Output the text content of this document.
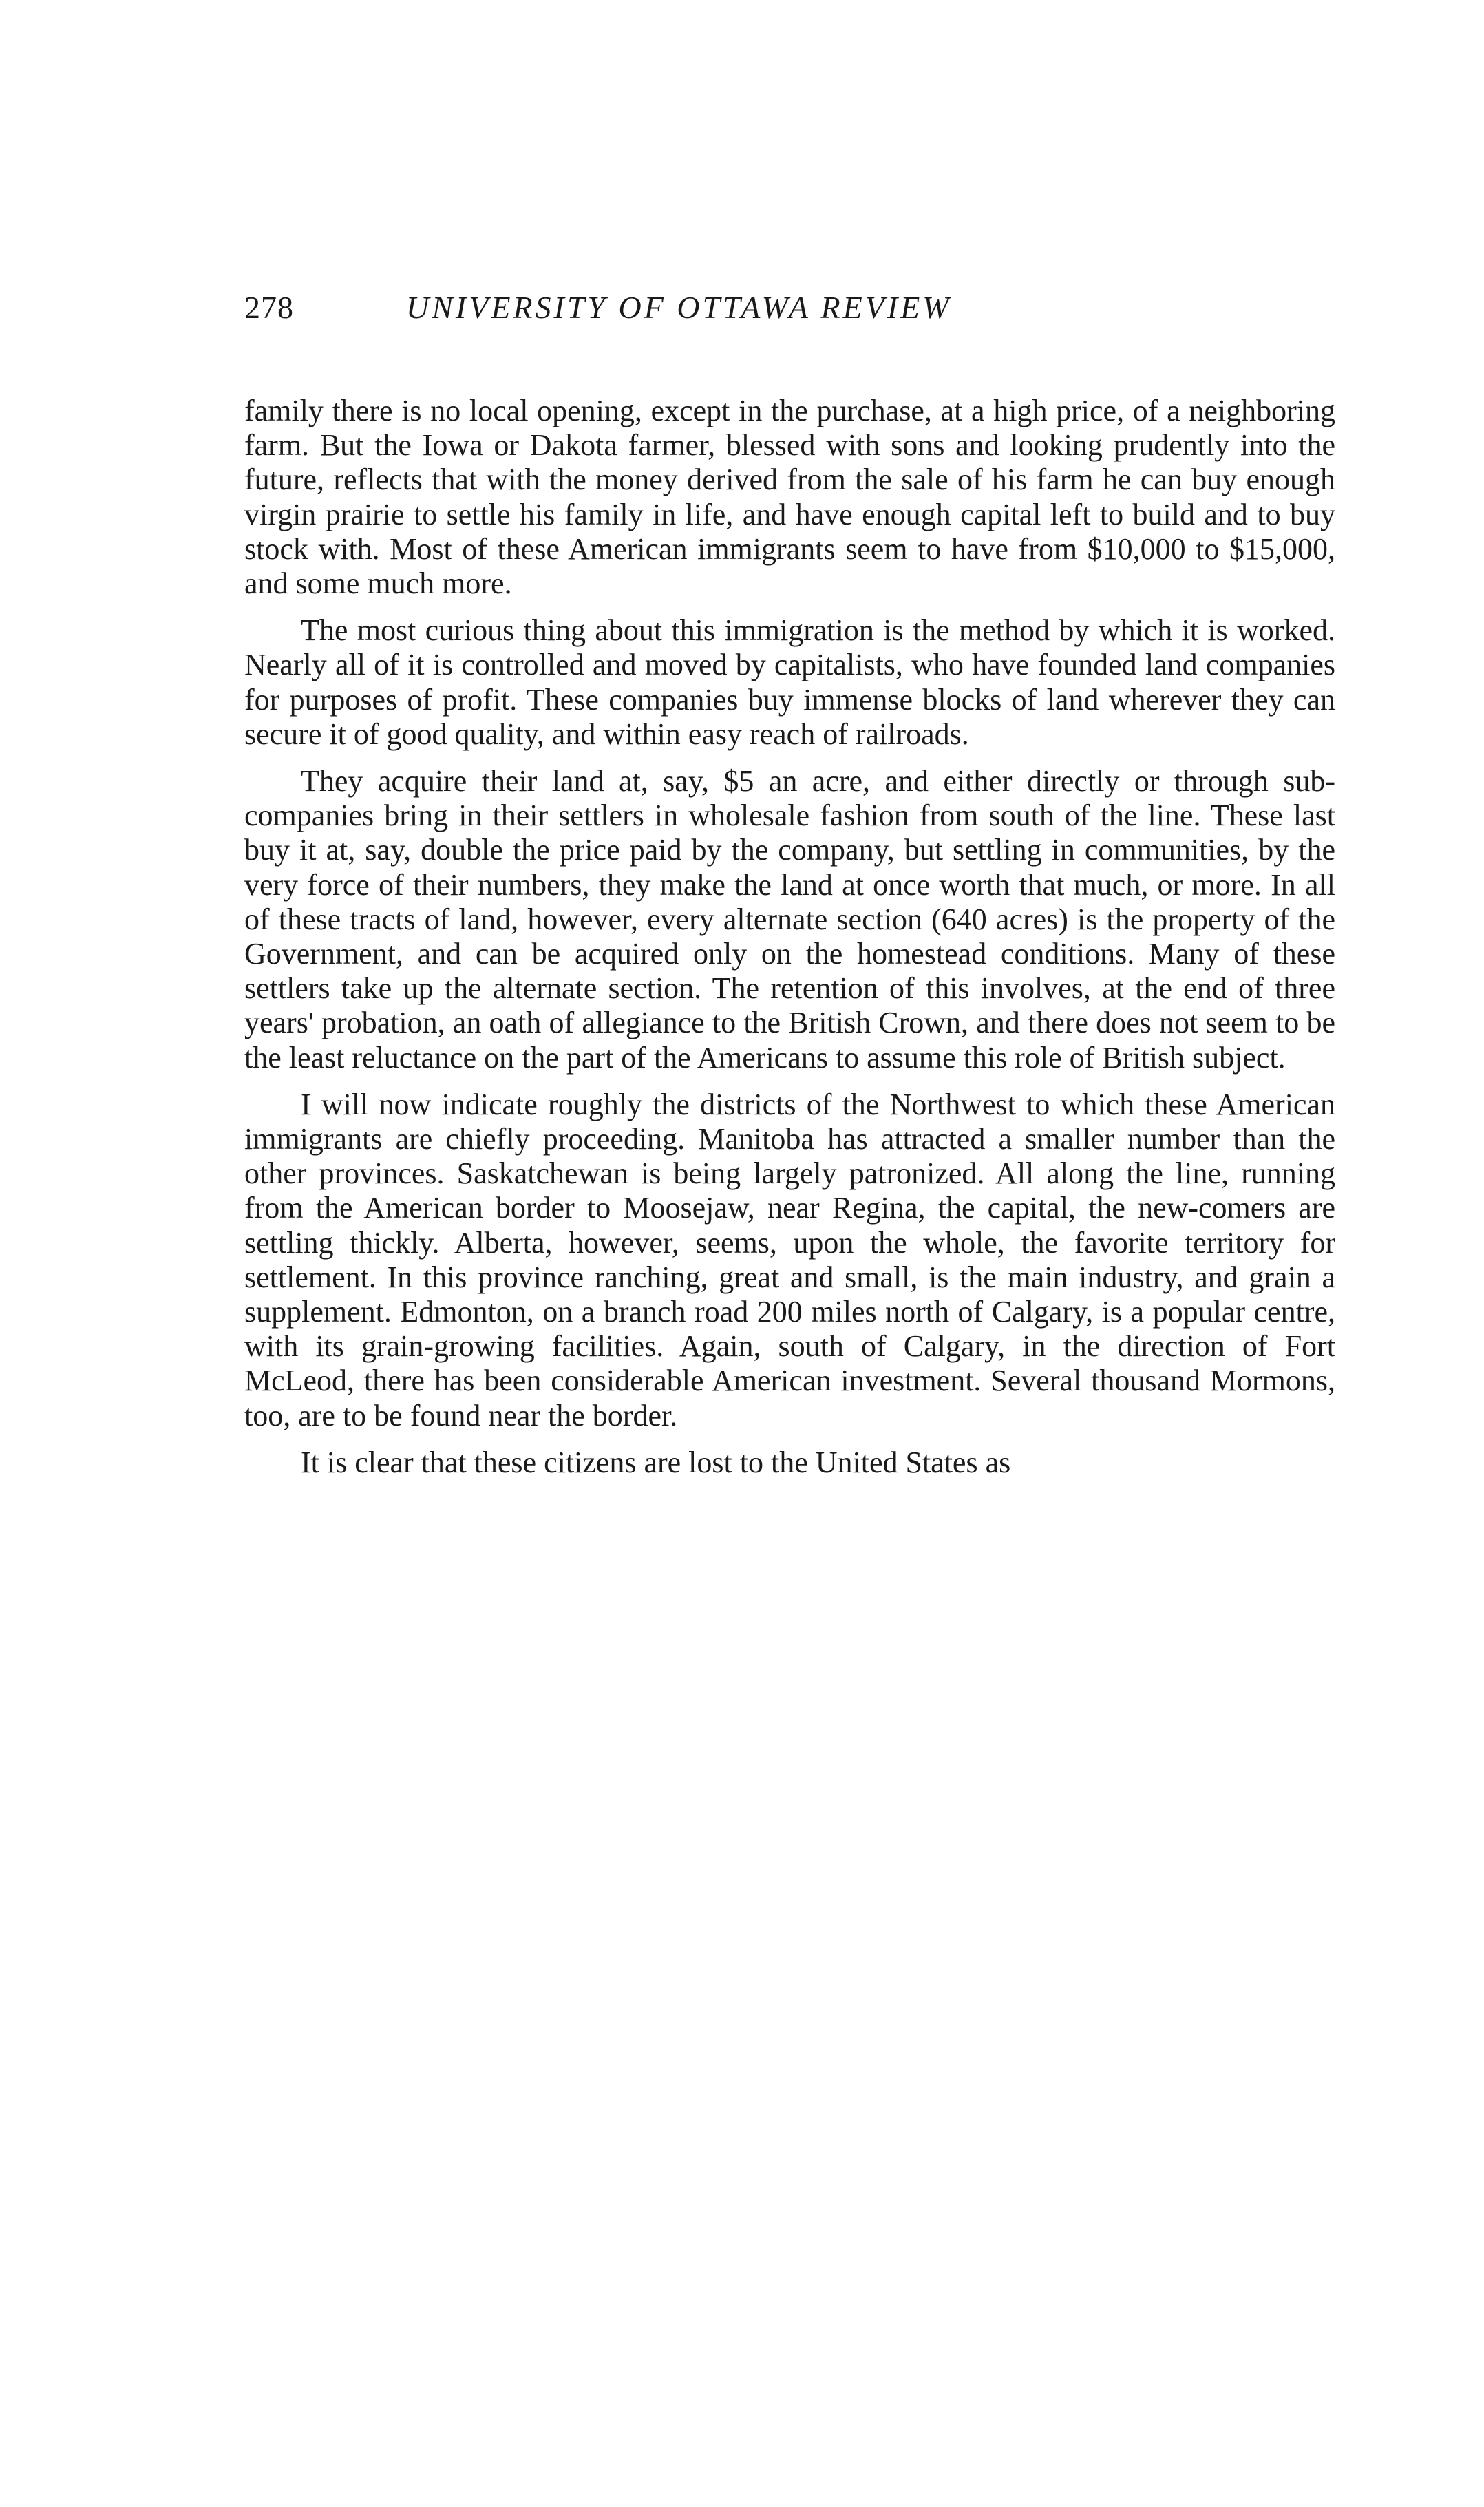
278	UNIVERSITY OF OTTAWA REVIEW

family there is no local opening, except in the purchase, at a high price, of a neighboring farm. But the Iowa or Dakota farmer, blessed with sons and looking prudently into the future, reflects that with the money derived from the sale of his farm he can buy enough virgin prairie to settle his family in life, and have enough capital left to build and to buy stock with. Most of these American immigrants seem to have from $10,000 to $15,000, and some much more.

The most curious thing about this immigration is the method by which it is worked. Nearly all of it is controlled and moved by capitalists, who have founded land companies for purposes of profit. These companies buy immense blocks of land wherever they can secure it of good quality, and within easy reach of railroads.

They acquire their land at, say, $5 an acre, and either directly or through sub-companies bring in their settlers in wholesale fashion from south of the line. These last buy it at, say, double the price paid by the company, but settling in communities, by the very force of their numbers, they make the land at once worth that much, or more. In all of these tracts of land, however, every alternate section (640 acres) is the property of the Government, and can be acquired only on the homestead conditions. Many of these settlers take up the alternate section. The retention of this involves, at the end of three years' probation, an oath of allegiance to the British Crown, and there does not seem to be the least reluctance on the part of the Americans to assume this role of British subject.

I will now indicate roughly the districts of the Northwest to which these American immigrants are chiefly proceeding. Manitoba has attracted a smaller number than the other provinces. Saskatchewan is being largely patronized. All along the line, running from the American border to Moosejaw, near Regina, the capital, the new-comers are settling thickly. Alberta, however, seems, upon the whole, the favorite territory for settlement. In this province ranching, great and small, is the main industry, and grain a supplement. Edmonton, on a branch road 200 miles north of Calgary, is a popular centre, with its grain-growing facilities. Again, south of Calgary, in the direction of Fort McLeod, there has been considerable American investment. Several thousand Mormons, too, are to be found near the border.

It is clear that these citizens are lost to the United States as
